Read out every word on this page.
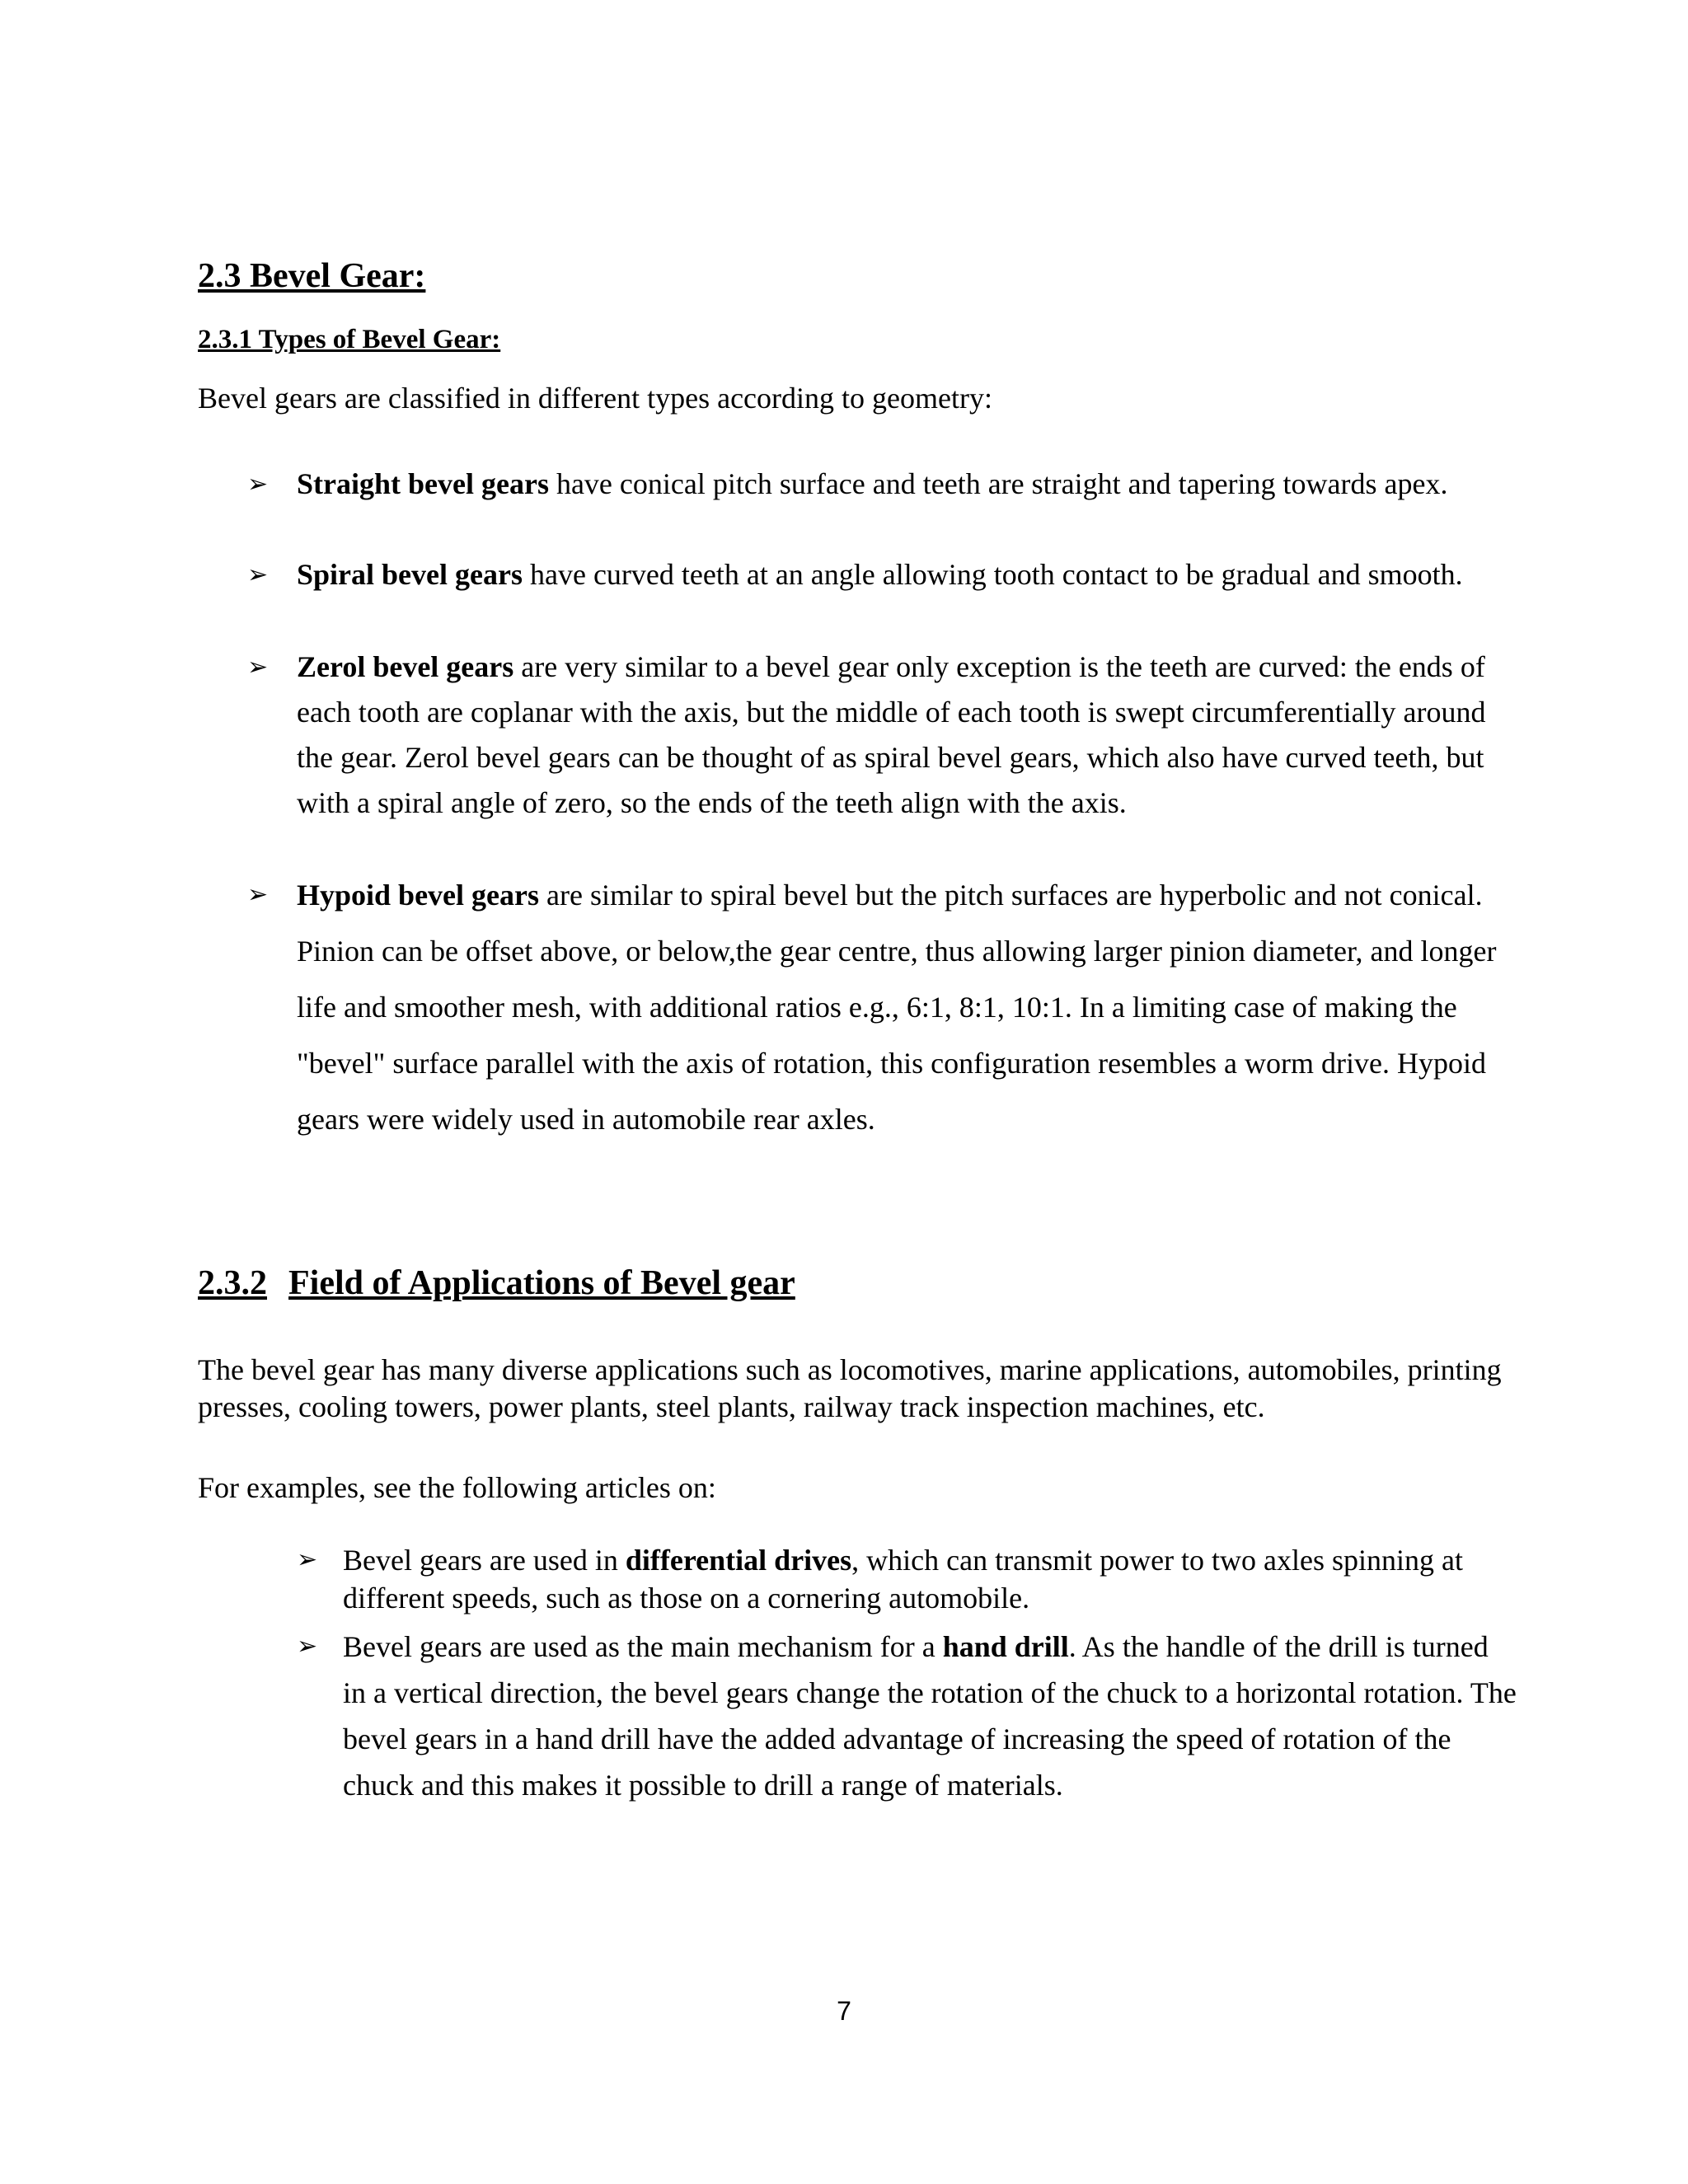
2.3 Bevel Gear:
2.3.1 Types of Bevel Gear:
Bevel gears are classified in different types according to geometry:
➢ Straight bevel gears have conical pitch surface and teeth are straight and tapering towards apex.
➢ Spiral bevel gears have curved teeth at an angle allowing tooth contact to be gradual and smooth.
➢ Zerol bevel gears are very similar to a bevel gear only exception is the teeth are curved: the ends of each tooth are coplanar with the axis, but the middle of each tooth is swept circumferentially around the gear. Zerol bevel gears can be thought of as spiral bevel gears, which also have curved teeth, but with a spiral angle of zero, so the ends of the teeth align with the axis.
➢ Hypoid bevel gears are similar to spiral bevel but the pitch surfaces are hyperbolic and not conical. Pinion can be offset above, or below,the gear centre, thus allowing larger pinion diameter, and longer life and smoother mesh, with additional ratios e.g., 6:1, 8:1, 10:1. In a limiting case of making the "bevel" surface parallel with the axis of rotation, this configuration resembles a worm drive. Hypoid gears were widely used in automobile rear axles.
2.3.2 Field of Applications of Bevel gear
The bevel gear has many diverse applications such as locomotives, marine applications, automobiles, printing presses, cooling towers, power plants, steel plants, railway track inspection machines, etc.
For examples, see the following articles on:
➢ Bevel gears are used in differential drives, which can transmit power to two axles spinning at different speeds, such as those on a cornering automobile.
➢ Bevel gears are used as the main mechanism for a hand drill. As the handle of the drill is turned in a vertical direction, the bevel gears change the rotation of the chuck to a horizontal rotation. The bevel gears in a hand drill have the added advantage of increasing the speed of rotation of the chuck and this makes it possible to drill a range of materials.
7
